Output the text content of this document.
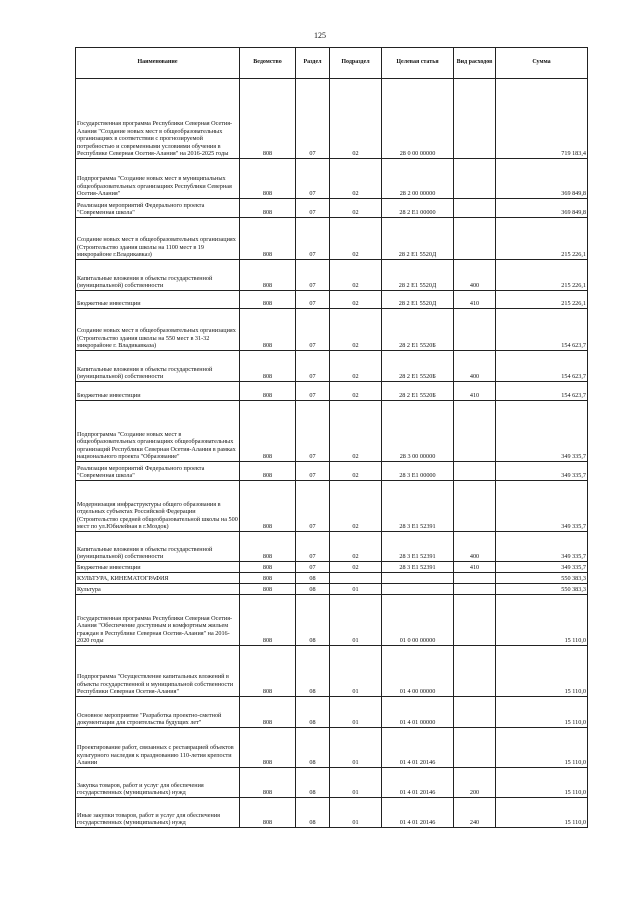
125
Наименование	Ведомство	Раздел	Подраздел	Целевая статья	Вид расходов	Сумма
Государственная программа Республики Северная Осетия-Алания "Создание новых мест в общеобразовательных организациях в соответствии с прогнозируемой потребностью и современными условиями обучения в Республике Северная Осетия-Алания" на 2016-2025 годы	808	07	02	28 0 00 00000		719 183,4
Подпрограмма "Создание новых мест в муниципальных общеобразовательных организациях Республики Северная Осетия-Алания"	808	07	02	28 2 00 00000		369 849,8
Реализация мероприятий Федерального проекта "Современная школа"	808	07	02	28 2 E1 00000		369 849,8
Создание новых мест в общеобразовательных организациях (Строительство здания школы на 1100 мест в 19 микрорайоне г.Владикавказ)	808	07	02	28 2 E1 5520Д		215 226,1
Капитальные вложения в объекты государственной (муниципальной) собственности	808	07	02	28 2 E1 5520Д	400	215 226,1
Бюджетные инвестиции	808	07	02	28 2 E1 5520Д	410	215 226,1
Создание новых мест в общеобразовательных организациях (Строительство здания школы на 550 мест в 31-32 микрорайоне г. Владикавказа)	808	07	02	28 2 E1 5520Б		154 623,7
Капитальные вложения в объекты государственной (муниципальной) собственности	808	07	02	28 2 E1 5520Б	400	154 623,7
Бюджетные инвестиции	808	07	02	28 2 E1 5520Б	410	154 623,7
Подпрограмма "Создание новых мест в общеобразовательных организациях общеобразовательных организаций Республики Северная Осетия-Алания в рамках национального проекта "Образование"	808	07	02	28 3 00 00000		349 335,7
Реализация мероприятий Федерального проекта "Современная школа"	808	07	02	28 3 E1 00000		349 335,7
Модернизация инфраструктуры общего образования в отдельных субъектах Российской Федерации (Строительство средней общеобразовательной школы на 500 мест по ул.Юбилейная в г.Моздок)	808	07	02	28 3 E1 52391		349 335,7
Капитальные вложения в объекты государственной (муниципальной) собственности	808	07	02	28 3 E1 52391	400	349 335,7
Бюджетные инвестиции	808	07	02	28 3 E1 52391	410	349 335,7
КУЛЬТУРА, КИНЕМАТОГРАФИЯ	808	08				550 383,3
Культура	808	08	01			550 383,3
Государственная программа Республики Северная Осетия-Алания "Обеспечение доступным и комфортным жильем граждан в Республике Северная Осетия-Алания" на 2016-2020 годы	808	08	01	01 0 00 00000		15 110,0
Подпрограмма "Осуществление капитальных вложений в объекты государственной и муниципальной собственности Республики Северная Осетия-Алания"	808	08	01	01 4 00 00000		15 110,0
Основное мероприятие "Разработка проектно-сметной документации для строительства будущих лет"	808	08	01	01 4 01 00000		15 110,0
Проектирование работ, связанных с реставрацией объектов культурного наследия к празднованию 110-летия крепости Алании	808	08	01	01 4 01 20146		15 110,0
Закупка товаров, работ и услуг для обеспечения государственных (муниципальных) нужд	808	08	01	01 4 01 20146	200	15 110,0
Иные закупки товаров, работ и услуг для обеспечения государственных (муниципальных) нужд	808	08	01	01 4 01 20146	240	15 110,0
